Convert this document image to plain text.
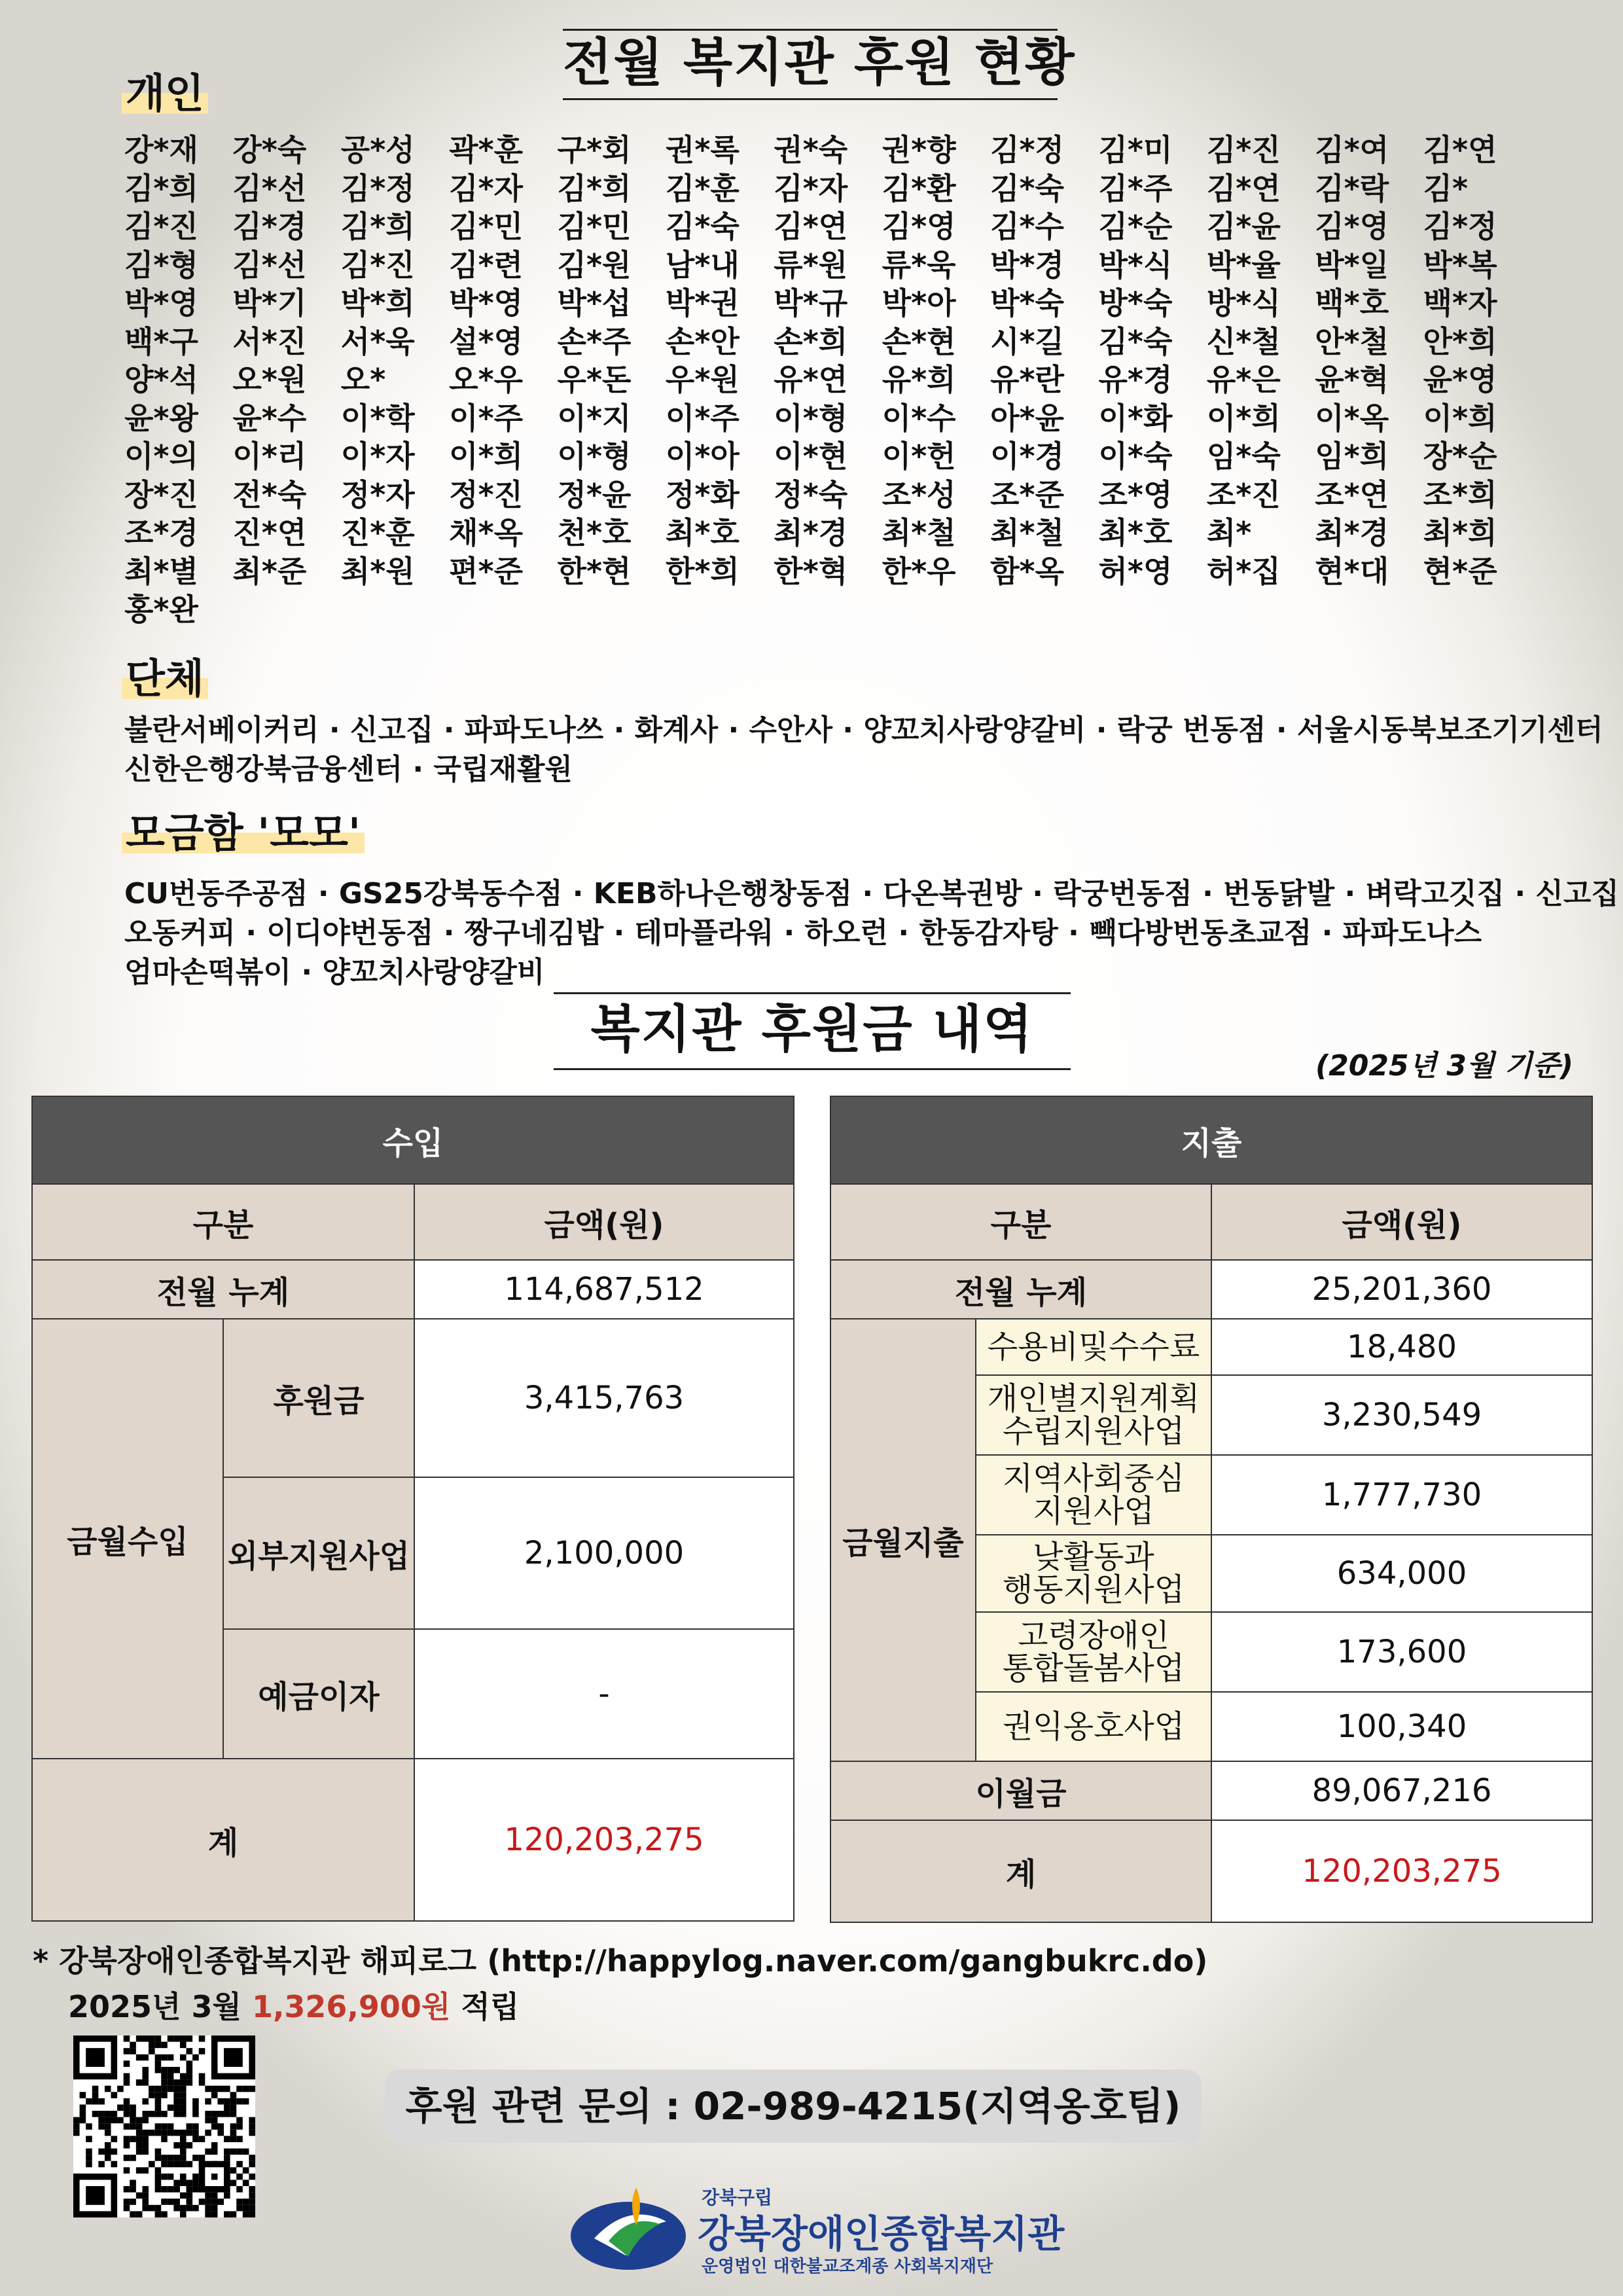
전월 복지관 후원 현황
개인
강*재	강*숙	공*성	곽*훈	구*회	권*록	권*숙	권*향	김*정	김*미	김*진	김*여	김*연
김*희	김*선	김*정	김*자	김*희	김*훈	김*자	김*환	김*숙	김*주	김*연	김*락	김*
김*진	김*경	김*희	김*민	김*민	김*숙	김*연	김*영	김*수	김*순	김*윤	김*영	김*정
김*형	김*선	김*진	김*련	김*원	남*내	류*원	류*욱	박*경	박*식	박*율	박*일	박*복
박*영	박*기	박*희	박*영	박*섭	박*권	박*규	박*아	박*숙	방*숙	방*식	백*호	백*자
백*구	서*진	서*욱	설*영	손*주	손*안	손*희	손*현	시*길	김*숙	신*철	안*철	안*희
양*석	오*원	오*	오*우	우*돈	우*원	유*연	유*희	유*란	유*경	유*은	윤*혁	윤*영
윤*왕	윤*수	이*학	이*주	이*지	이*주	이*형	이*수	아*윤	이*화	이*희	이*옥	이*희
이*의	이*리	이*자	이*희	이*형	이*아	이*현	이*헌	이*경	이*숙	임*숙	임*희	장*순
장*진	전*숙	정*자	정*진	정*윤	정*화	정*숙	조*성	조*준	조*영	조*진	조*연	조*희
조*경	진*연	진*훈	채*옥	천*호	최*호	최*경	최*철	최*철	최*호	최*	최*경	최*희
최*별	최*준	최*원	편*준	한*현	한*희	한*혁	한*우	함*옥	허*영	허*집	현*대	현*준
홍*완
단체
불란서베이커리 · 신고집 · 파파도나쓰 · 화계사 · 수안사 · 양꼬치사랑양갈비 · 락궁 번동점 · 서울시동북보조기기센터
신한은행강북금융센터 · 국립재활원
모금함 '모모'
CU번동주공점 · GS25강북동수점 · KEB하나은행창동점 · 다온복권방 · 락궁번동점 · 번동닭발 · 벼락고깃집 · 신고집
오동커피 · 이디야번동점 · 짱구네김밥 · 테마플라워 · 하오런 · 한동감자탕 · 빽다방번동초교점 · 파파도나스
엄마손떡볶이 · 양꼬치사랑양갈비
복지관 후원금 내역
(2025년 3월 기준)
수입		
구분		금액(원)
전월 누계		114,687,512
금월수입	후원금	3,415,763
	외부지원사업	2,100,000
	예금이자	-
계		120,203,275
지출		
구분		금액(원)
전월 누계		25,201,360
금월지출	수용비및수수료	18,480
	개인별지원계획
수립지원사업	3,230,549
	지역사회중심
지원사업	1,777,730
	낮활동과
행동지원사업	634,000
	고령장애인
통합돌봄사업	173,600
	권익옹호사업	100,340
이월금		89,067,216
계		120,203,275
* 강북장애인종합복지관 해피로그 (http://happylog.naver.com/gangbukrc.do)
2025년 3월 1,326,900원 적립
후원 관련 문의 : 02-989-4215(지역옹호팀)
강북구립
강북장애인종합복지관
운영법인 대한불교조계종 사회복지재단
